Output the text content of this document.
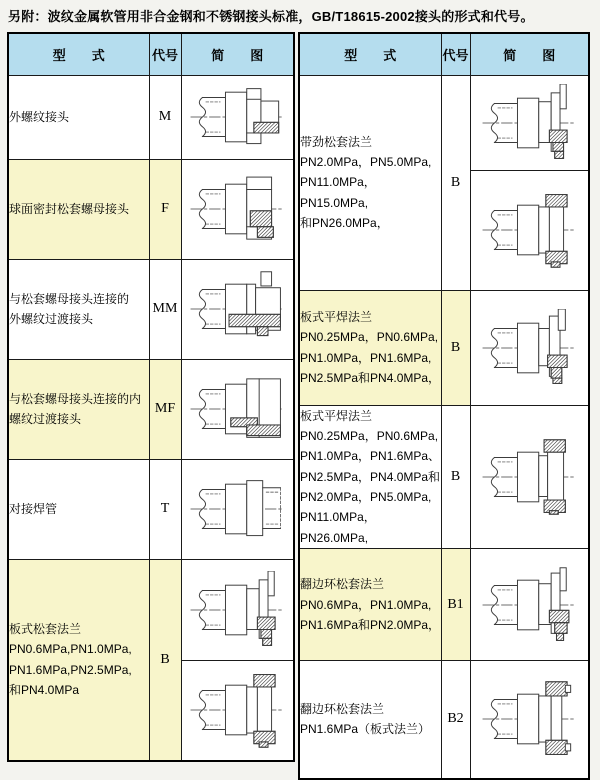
另附：波纹金属软管用非合金钢和不锈钢接头标准，GB/T18615-2002接头的形式和代号。
型　　式	代号	简　　图
外螺纹接头	M	
球面密封松套螺母接头	F	
与松套螺母接头连接的
外螺纹过渡接头	MM	
与松套螺母接头连接的内
螺纹过渡接头	MF	
对接焊管	T	
板式松套法兰
PN0.6MPa,PN1.0MPa,
PN1.6MPa,PN2.5MPa,
和PN4.0MPa	B	

型　　式	代号	简　　图
带劲松套法兰
PN2.0MPa，PN5.0MPa,
PN11.0MPa，PN15.0MPa,
和PN26.0MPa，	B	

板式平焊法兰
PN0.25MPa，PN0.6MPa,
PN1.0MPa，PN1.6MPa,
PN2.5MPa和PN4.0MPa，	B	
板式平焊法兰
PN0.25MPa，PN0.6MPa,
PN1.0MPa，PN1.6MPa、
PN2.5MPa，PN4.0MPa和
PN2.0MPa，PN5.0MPa,
PN11.0MPa，PN26.0MPa,	B	
翻边环松套法兰
PN0.6MPa，PN1.0MPa,
PN1.6MPa和PN2.0MPa，	B1	
翻边环松套法兰
PN1.6MPa（板式法兰）	B2	
